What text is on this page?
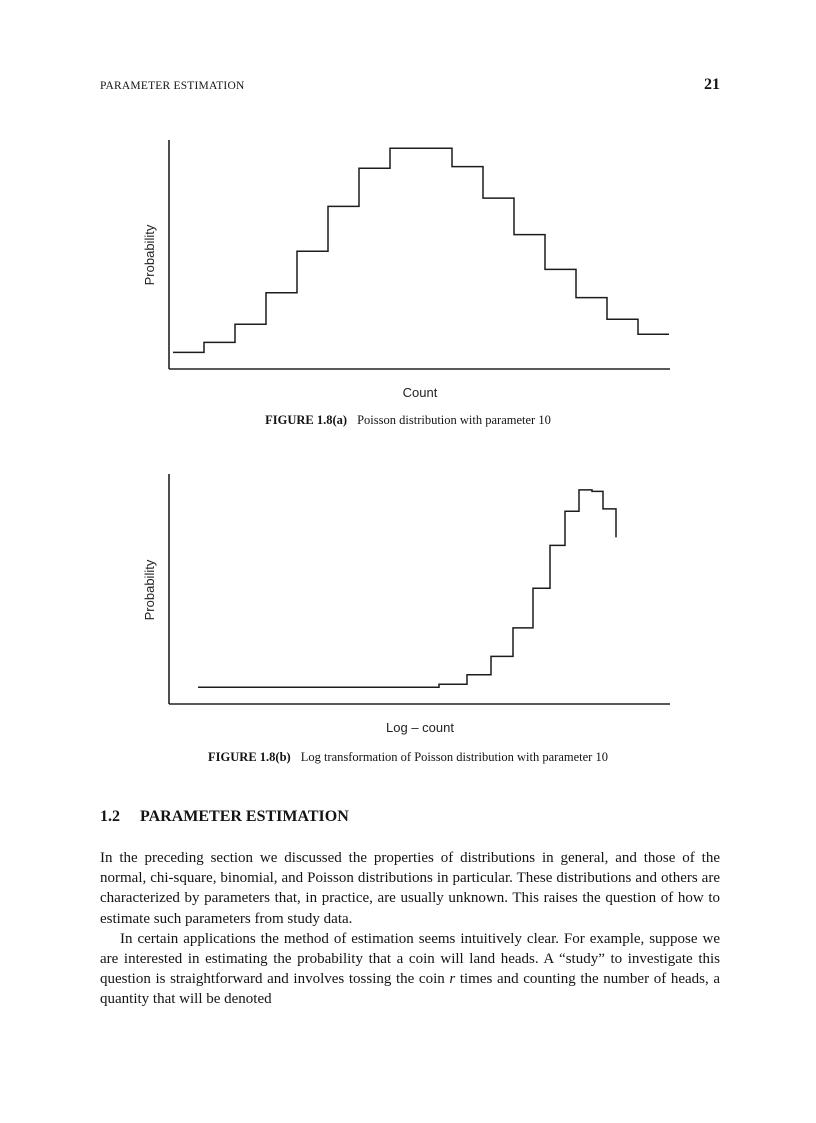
PARAMETER ESTIMATION	21
Probability
Count
FIGURE 1.8(a) Poisson distribution with parameter 10
Probability
Log – count
FIGURE 1.8(b) Log transformation of Poisson distribution with parameter 10
1.2 PARAMETER ESTIMATION

In the preceding section we discussed the properties of distributions in general, and those of the normal, chi-square, binomial, and Poisson distributions in particular. These distributions and others are characterized by parameters that, in practice, are usually unknown. This raises the question of how to estimate such parameters from study data.

In certain applications the method of estimation seems intuitively clear. For example, suppose we are interested in estimating the probability that a coin will land heads. A “study” to investigate this question is straightforward and involves tossing the coin r times and counting the number of heads, a quantity that will be denoted
